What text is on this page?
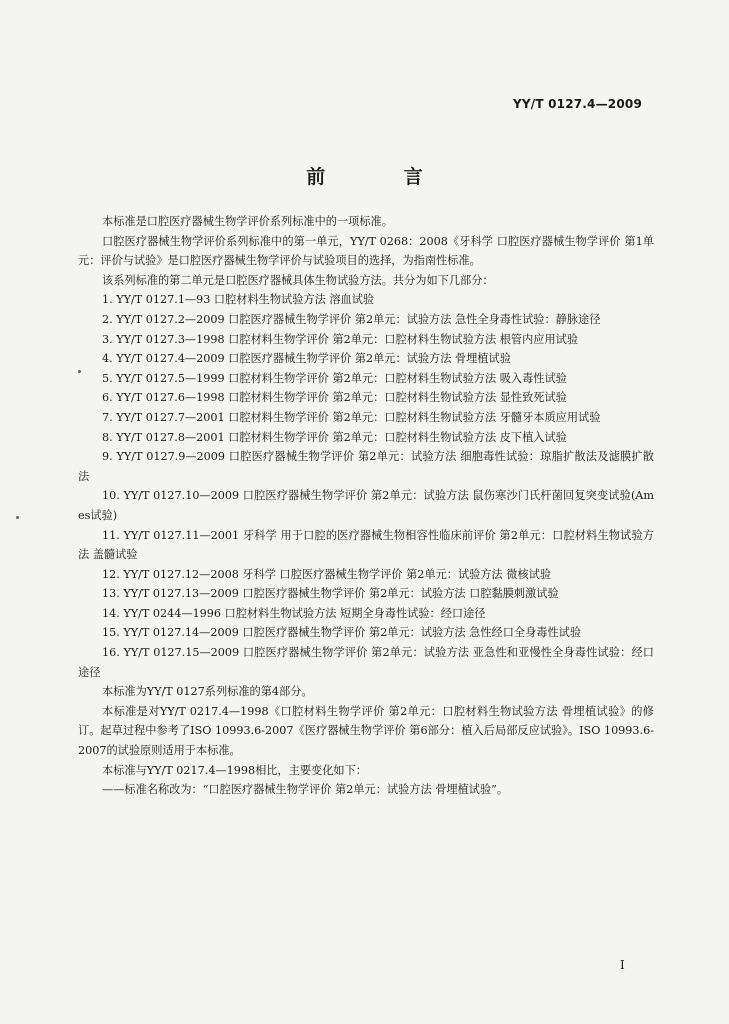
YY/T 0127.4—2009
前 言

本标准是口腔医疗器械生物学评价系列标准中的一项标准。

口腔医疗器械生物学评价系列标准中的第一单元，YY/T 0268：2008《牙科学 口腔医疗器械生物学评价 第1单元：评价与试验》是口腔医疗器械生物学评价与试验项目的选择，为指南性标准。

该系列标准的第二单元是口腔医疗器械具体生物试验方法。共分为如下几部分：

1. YY/T 0127.1—93 口腔材料生物试验方法 溶血试验

2. YY/T 0127.2—2009 口腔医疗器械生物学评价 第2单元：试验方法 急性全身毒性试验：静脉途径

3. YY/T 0127.3—1998 口腔材料生物学评价 第2单元：口腔材料生物试验方法 根管内应用试验

4. YY/T 0127.4—2009 口腔医疗器械生物学评价 第2单元：试验方法 骨埋植试验

5. YY/T 0127.5—1999 口腔材料生物学评价 第2单元：口腔材料生物试验方法 吸入毒性试验

6. YY/T 0127.6—1998 口腔材料生物学评价 第2单元：口腔材料生物试验方法 显性致死试验

7. YY/T 0127.7—2001 口腔材料生物学评价 第2单元：口腔材料生物试验方法 牙髓牙本质应用试验

8. YY/T 0127.8—2001 口腔材料生物学评价 第2单元：口腔材料生物试验方法 皮下植入试验

9. YY/T 0127.9—2009 口腔医疗器械生物学评价 第2单元：试验方法 细胞毒性试验：琼脂扩散法及滤膜扩散法

10. YY/T 0127.10—2009 口腔医疗器械生物学评价 第2单元：试验方法 鼠伤寒沙门氏杆菌回复突变试验(Ames试验)

11. YY/T 0127.11—2001 牙科学 用于口腔的医疗器械生物相容性临床前评价 第2单元：口腔材料生物试验方法 盖髓试验

12. YY/T 0127.12—2008 牙科学 口腔医疗器械生物学评价 第2单元：试验方法 微核试验

13. YY/T 0127.13—2009 口腔医疗器械生物学评价 第2单元：试验方法 口腔黏膜刺激试验

14. YY/T 0244—1996 口腔材料生物试验方法 短期全身毒性试验：经口途径

15. YY/T 0127.14—2009 口腔医疗器械生物学评价 第2单元：试验方法 急性经口全身毒性试验

16. YY/T 0127.15—2009 口腔医疗器械生物学评价 第2单元：试验方法 亚急性和亚慢性全身毒性试验：经口途径

本标准为YY/T 0127系列标准的第4部分。

本标准是对YY/T 0217.4—1998《口腔材料生物学评价 第2单元：口腔材料生物试验方法 骨埋植试验》的修订。起草过程中参考了ISO 10993.6-2007《医疗器械生物学评价 第6部分：植入后局部反应试验》。ISO 10993.6-2007的试验原则适用于本标准。

本标准与YY/T 0217.4—1998相比，主要变化如下：

——标准名称改为：“口腔医疗器械生物学评价 第2单元：试验方法 骨埋植试验”。

I
